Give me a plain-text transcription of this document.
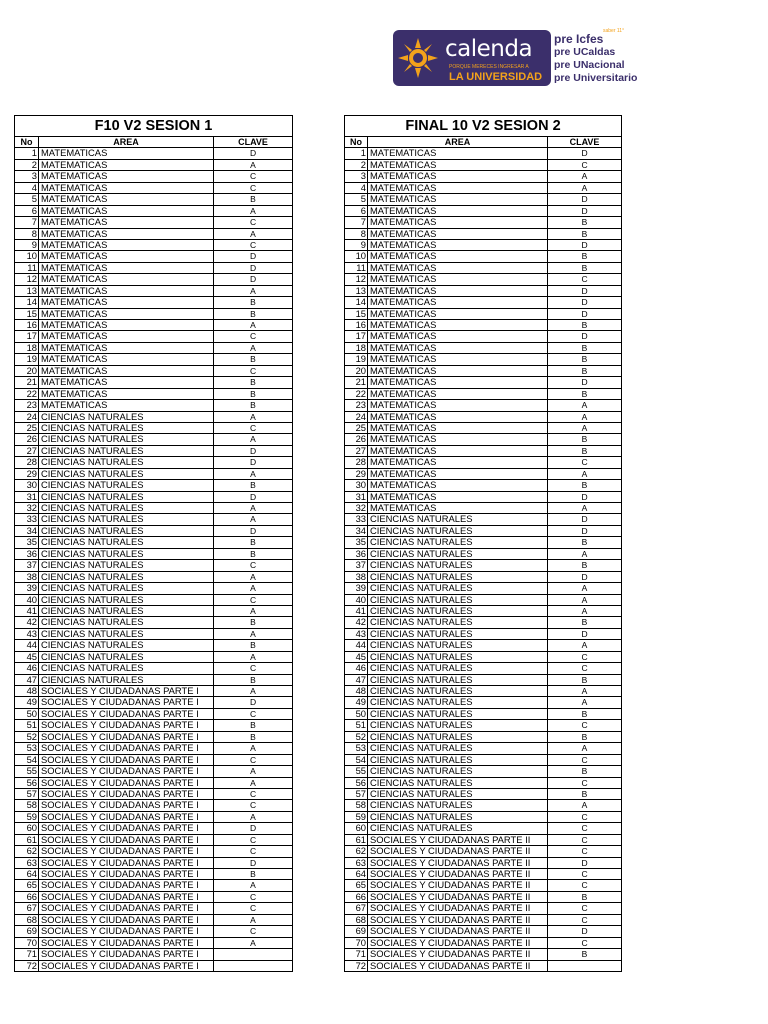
calenda
PORQUE MERECES INGRESAR A
LA UNIVERSIDAD
saber 11°
pre Icfes
pre UCaldas
pre UNacional
pre Universitario
F10 V2 SESION 1		
No	AREA	CLAVE
1	MATEMATICAS	D
2	MATEMATICAS	A
3	MATEMATICAS	C
4	MATEMATICAS	C
5	MATEMATICAS	B
6	MATEMATICAS	A
7	MATEMATICAS	C
8	MATEMATICAS	A
9	MATEMATICAS	C
10	MATEMATICAS	D
11	MATEMATICAS	D
12	MATEMATICAS	D
13	MATEMATICAS	A
14	MATEMATICAS	B
15	MATEMATICAS	B
16	MATEMATICAS	A
17	MATEMATICAS	C
18	MATEMATICAS	A
19	MATEMATICAS	B
20	MATEMATICAS	C
21	MATEMATICAS	B
22	MATEMATICAS	B
23	MATEMATICAS	B
24	CIENCIAS NATURALES	A
25	CIENCIAS NATURALES	C
26	CIENCIAS NATURALES	A
27	CIENCIAS NATURALES	D
28	CIENCIAS NATURALES	D
29	CIENCIAS NATURALES	A
30	CIENCIAS NATURALES	B
31	CIENCIAS NATURALES	D
32	CIENCIAS NATURALES	A
33	CIENCIAS NATURALES	A
34	CIENCIAS NATURALES	D
35	CIENCIAS NATURALES	B
36	CIENCIAS NATURALES	B
37	CIENCIAS NATURALES	C
38	CIENCIAS NATURALES	A
39	CIENCIAS NATURALES	A
40	CIENCIAS NATURALES	C
41	CIENCIAS NATURALES	A
42	CIENCIAS NATURALES	B
43	CIENCIAS NATURALES	A
44	CIENCIAS NATURALES	B
45	CIENCIAS NATURALES	A
46	CIENCIAS NATURALES	C
47	CIENCIAS NATURALES	B
48	SOCIALES Y CIUDADANAS PARTE I	A
49	SOCIALES Y CIUDADANAS PARTE I	D
50	SOCIALES Y CIUDADANAS PARTE I	C
51	SOCIALES Y CIUDADANAS PARTE I	B
52	SOCIALES Y CIUDADANAS PARTE I	B
53	SOCIALES Y CIUDADANAS PARTE I	A
54	SOCIALES Y CIUDADANAS PARTE I	C
55	SOCIALES Y CIUDADANAS PARTE I	A
56	SOCIALES Y CIUDADANAS PARTE I	A
57	SOCIALES Y CIUDADANAS PARTE I	C
58	SOCIALES Y CIUDADANAS PARTE I	C
59	SOCIALES Y CIUDADANAS PARTE I	A
60	SOCIALES Y CIUDADANAS PARTE I	D
61	SOCIALES Y CIUDADANAS PARTE I	C
62	SOCIALES Y CIUDADANAS PARTE I	C
63	SOCIALES Y CIUDADANAS PARTE I	D
64	SOCIALES Y CIUDADANAS PARTE I	B
65	SOCIALES Y CIUDADANAS PARTE I	A
66	SOCIALES Y CIUDADANAS PARTE I	C
67	SOCIALES Y CIUDADANAS PARTE I	C
68	SOCIALES Y CIUDADANAS PARTE I	A
69	SOCIALES Y CIUDADANAS PARTE I	C
70	SOCIALES Y CIUDADANAS PARTE I	A
71	SOCIALES Y CIUDADANAS PARTE I	
72	SOCIALES Y CIUDADANAS PARTE I	
FINAL 10 V2 SESION 2		
No	AREA	CLAVE
1	MATEMATICAS	D
2	MATEMATICAS	C
3	MATEMATICAS	A
4	MATEMATICAS	A
5	MATEMATICAS	D
6	MATEMATICAS	D
7	MATEMATICAS	B
8	MATEMATICAS	B
9	MATEMATICAS	D
10	MATEMATICAS	B
11	MATEMATICAS	B
12	MATEMATICAS	C
13	MATEMATICAS	D
14	MATEMATICAS	D
15	MATEMATICAS	D
16	MATEMATICAS	B
17	MATEMATICAS	D
18	MATEMATICAS	B
19	MATEMATICAS	B
20	MATEMATICAS	B
21	MATEMATICAS	D
22	MATEMATICAS	B
23	MATEMATICAS	A
24	MATEMATICAS	A
25	MATEMATICAS	A
26	MATEMATICAS	B
27	MATEMATICAS	B
28	MATEMATICAS	C
29	MATEMATICAS	A
30	MATEMATICAS	B
31	MATEMATICAS	D
32	MATEMATICAS	A
33	CIENCIAS NATURALES	D
34	CIENCIAS NATURALES	D
35	CIENCIAS NATURALES	B
36	CIENCIAS NATURALES	A
37	CIENCIAS NATURALES	B
38	CIENCIAS NATURALES	D
39	CIENCIAS NATURALES	A
40	CIENCIAS NATURALES	A
41	CIENCIAS NATURALES	A
42	CIENCIAS NATURALES	B
43	CIENCIAS NATURALES	D
44	CIENCIAS NATURALES	A
45	CIENCIAS NATURALES	C
46	CIENCIAS NATURALES	C
47	CIENCIAS NATURALES	B
48	CIENCIAS NATURALES	A
49	CIENCIAS NATURALES	A
50	CIENCIAS NATURALES	B
51	CIENCIAS NATURALES	C
52	CIENCIAS NATURALES	B
53	CIENCIAS NATURALES	A
54	CIENCIAS NATURALES	C
55	CIENCIAS NATURALES	B
56	CIENCIAS NATURALES	C
57	CIENCIAS NATURALES	B
58	CIENCIAS NATURALES	A
59	CIENCIAS NATURALES	C
60	CIENCIAS NATURALES	C
61	SOCIALES Y CIUDADANAS PARTE II	C
62	SOCIALES Y CIUDADANAS PARTE II	C
63	SOCIALES Y CIUDADANAS PARTE II	D
64	SOCIALES Y CIUDADANAS PARTE II	C
65	SOCIALES Y CIUDADANAS PARTE II	C
66	SOCIALES Y CIUDADANAS PARTE II	B
67	SOCIALES Y CIUDADANAS PARTE II	C
68	SOCIALES Y CIUDADANAS PARTE II	C
69	SOCIALES Y CIUDADANAS PARTE II	D
70	SOCIALES Y CIUDADANAS PARTE II	C
71	SOCIALES Y CIUDADANAS PARTE II	B
72	SOCIALES Y CIUDADANAS PARTE II	
